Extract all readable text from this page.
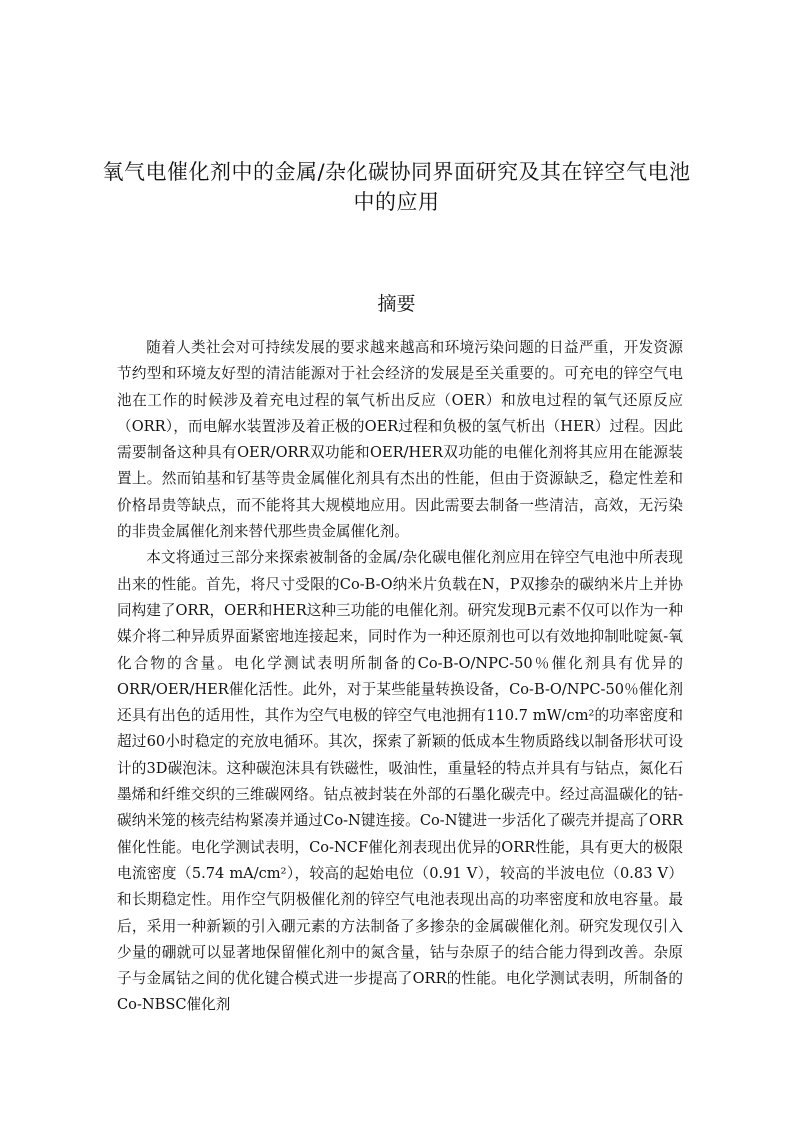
氧气电催化剂中的金属/杂化碳协同界面研究及其在锌空气电池中的应用
摘要

随着人类社会对可持续发展的要求越来越高和环境污染问题的日益严重，开发资源节约型和环境友好型的清洁能源对于社会经济的发展是至关重要的。可充电的锌空气电池在工作的时候涉及着充电过程的氧气析出反应（OER）和放电过程的氧气还原反应（ORR），而电解水装置涉及着正极的OER过程和负极的氢气析出（HER）过程。因此需要制备这种具有OER/ORR双功能和OER/HER双功能的电催化剂将其应用在能源装置上。然而铂基和钌基等贵金属催化剂具有杰出的性能，但由于资源缺乏，稳定性差和价格昂贵等缺点，而不能将其大规模地应用。因此需要去制备一些清洁，高效，无污染的非贵金属催化剂来替代那些贵金属催化剂。

本文将通过三部分来探索被制备的金属/杂化碳电催化剂应用在锌空气电池中所表现出来的性能。首先，将尺寸受限的Co-B-O纳米片负载在N，P双掺杂的碳纳米片上并协同构建了ORR，OER和HER这种三功能的电催化剂。研究发现B元素不仅可以作为一种媒介将二种异质界面紧密地连接起来，同时作为一种还原剂也可以有效地抑制吡啶氮-氧化合物的含量。电化学测试表明所制备的Co-B-O/NPC-50％催化剂具有优异的ORR/OER/HER催化活性。此外，对于某些能量转换设备，Co-B-O/NPC-50％催化剂还具有出色的适用性，其作为空气电极的锌空气电池拥有110.7 mW/cm²的功率密度和超过60小时稳定的充放电循环。其次，探索了新颖的低成本生物质路线以制备形状可设计的3D碳泡沫。这种碳泡沫具有铁磁性，吸油性，重量轻的特点并具有与钴点，氮化石墨烯和纤维交织的三维碳网络。钴点被封装在外部的石墨化碳壳中。经过高温碳化的钴-碳纳米笼的核壳结构紧凑并通过Co-N键连接。Co-N键进一步活化了碳壳并提高了ORR催化性能。电化学测试表明，Co-NCF催化剂表现出优异的ORR性能，具有更大的极限电流密度（5.74 mA/cm²），较高的起始电位（0.91 V），较高的半波电位（0.83 V）和长期稳定性。用作空气阴极催化剂的锌空气电池表现出高的功率密度和放电容量。最后，采用一种新颖的引入硼元素的方法制备了多掺杂的金属碳催化剂。研究发现仅引入少量的硼就可以显著地保留催化剂中的氮含量，钴与杂原子的结合能力得到改善。杂原子与金属钴之间的优化键合模式进一步提高了ORR的性能。电化学测试表明，所制备的Co-NBSC催化剂
